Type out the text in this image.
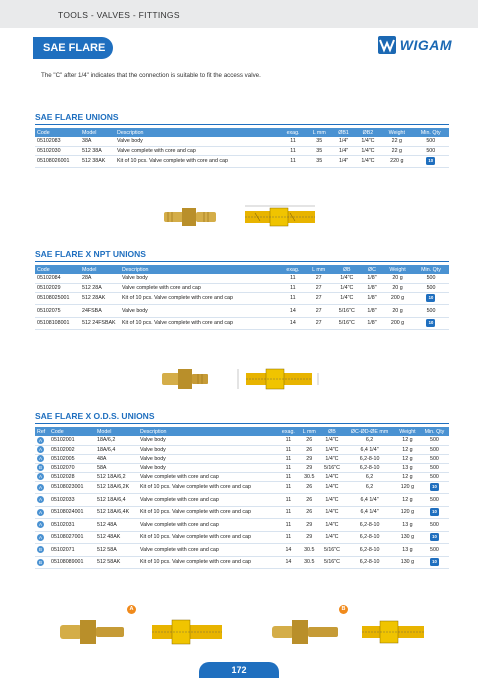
TOOLS - VALVES - FITTINGS
SAE FLARE	WIGAM
The "C" after 1/4" indicates that the connection is suitable to fit the access valve.
SAE FLARE UNIONS
Code	Model	Description	exag.	L mm	ØB1	ØB2	Weight	Min. Qty
05102083	38A	Valve body	11	35	1/4"	1/4"C	22 g	500
05102030	512 38A	Valve complete with core and cap	11	35	1/4"	1/4"C	22 g	500
05108026001	512 38AK	Kit of 10 pcs. Valve complete with core and cap	11	35	1/4"	1/4"C	220 g	10
SAE FLARE X NPT UNIONS
Code	Model	Description	exag.	L mm	ØB	ØC	Weight	Min. Qty
05102084	28A	Valve body	11	27	1/4"C	1/8"	20 g	500
05102029	512 28A	Valve complete with core and cap	11	27	1/4"C	1/8"	20 g	500
05108025001	512 28AK	Kit of 10 pcs. Valve complete with core and cap	11	27	1/4"C	1/8"	200 g	10
05102075	24FSBA	Valve body	14	27	5/16"C	1/8"	20 g	500
05108108001	512 24FSBAK	Kit of 10 pcs. Valve complete with core and cap	14	27	5/16"C	1/8"	200 g	10
SAE FLARE X O.D.S. UNIONS
Ref	Code	Model	Description	exag.	L mm	ØB	ØC-ØD-ØE mm	Weight	Min. Qty
A	05102001	18A/6,2	Valve body	11	26	1/4"C	6,2	12 g	500
A	05102002	18A/6,4	Valve body	11	26	1/4"C	6,4 1/4"	12 g	500
A	05102005	48A	Valve body	11	29	1/4"C	6,2-8-10	12 g	500
B	05102070	58A	Valve body	11	29	5/16"C	6,2-8-10	13 g	500
A	05102028	512 18A/6,2	Valve complete with core and cap	11	30.5	1/4"C	6,2	12 g	500
A	05108023001	512 18A/6,2K	Kit of 10 pcs. Valve complete with core and cap	11	26	1/4"C	6,2	120 g	10
A	05102033	512 18A/6,4	Valve complete with core and cap	11	26	1/4"C	6,4 1/4"	12 g	500
A	05108024001	512 18A/6,4K	Kit of 10 pcs. Valve complete with core and cap	11	26	1/4"C	6,4 1/4"	120 g	10
A	05102031	512 48A	Valve complete with core and cap	11	29	1/4"C	6,2-8-10	13 g	500
A	05108027001	512 48AK	Kit of 10 pcs. Valve complete with core and cap	11	29	1/4"C	6,2-8-10	130 g	10
B	05102071	512 58A	Valve complete with core and cap	14	30.5	5/16"C	6,2-8-10	13 g	500
B	05108089001	512 58AK	Kit of 10 pcs. Valve complete with core and cap	14	30.5	5/16"C	6,2-8-10	130 g	10
A	B
172
